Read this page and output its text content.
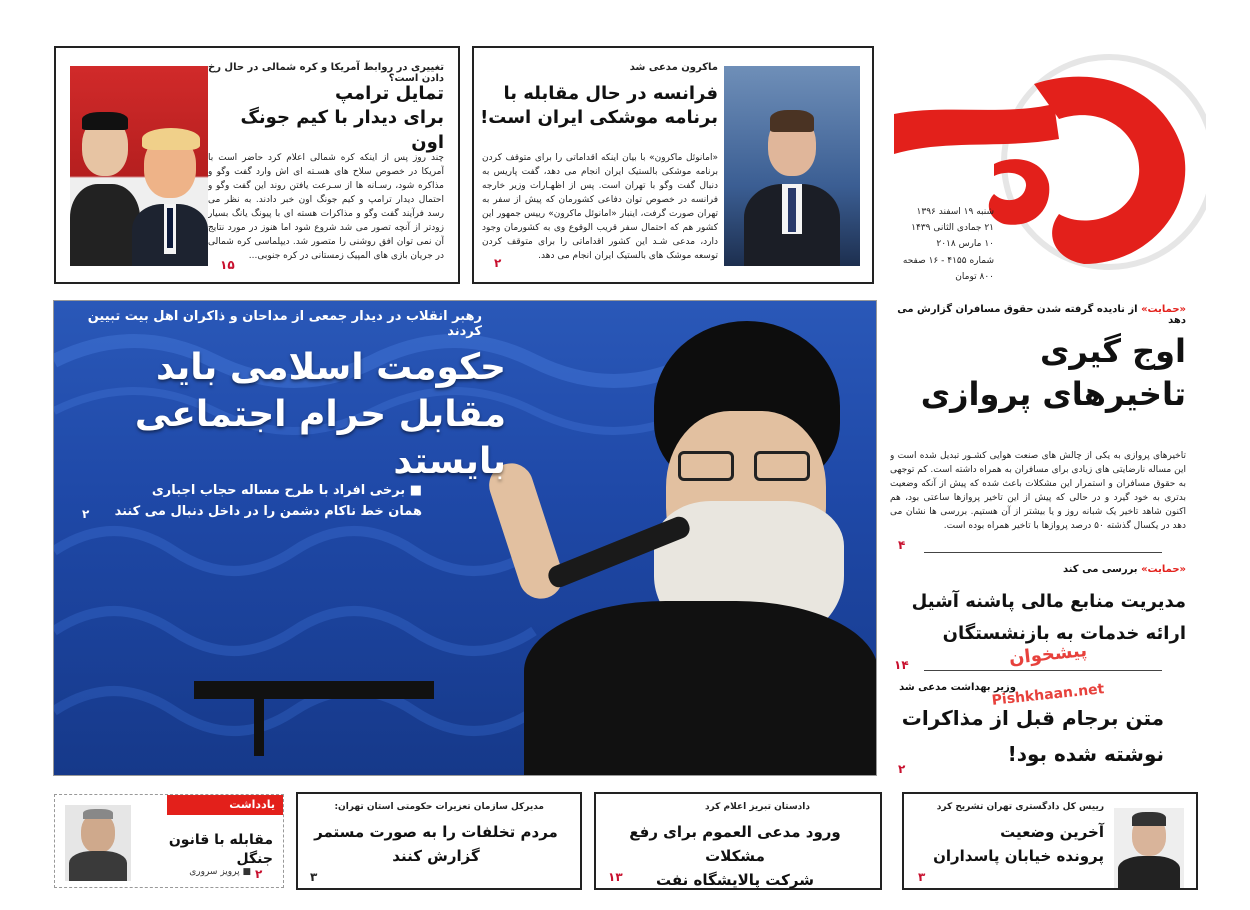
شنبه ۱۹ اسفند ۱۳۹۶
۲۱ جمادی الثانی ۱۴۳۹
۱۰ مارس ۲۰۱۸
شماره ۴۱۵۵ - ۱۶ صفحه
۸۰۰ تومان
ماکرون مدعی شد
فرانسه در حال مقابله با
برنامه موشکی ایران است!
«امانوئل ماکرون» با بیان اینکه اقداماتی را برای متوقف کردن برنامه موشکی بالستیک ایران انجام می دهد، گفت پاریس به دنبال گفت وگو با تهران است. پس از اظهـارات وزیر خارجه فرانسه در خصوص توان دفاعی کشورمان که پیش از سفر به تهران صورت گرفت، اینبار «امانوئل ماکرون» رییس جمهور این کشور هم که احتمال سفر قریب الوقوع وی به کشورمان وجود دارد، مدعی شـد این کشور اقداماتی را برای متوقف کردن توسعه موشک های بالستیک ایران انجام می دهد.
۲
تغییری در روابط آمریکا و کره شمالی در حال رخ دادن است؟
تمایل ترامپ
برای دیدار با کیم جونگ اون
چند روز پس از اینکه کره شمالی اعلام کرد حاضر است با آمریکا در خصوص سلاح های هسـته ای اش وارد گفت وگو و مذاکره شود، رسـانه ها از سـرعت یافتن روند این گفت وگو و احتمال دیدار ترامپ و کیم جونگ اون خبر دادند. به نظر می رسد فرآیند گفت وگو و مذاکرات هسته ای با پیونگ یانگ بسیار زودتر از آنچه تصور می شد شروع شود اما هنوز در مورد نتایج آن نمی توان افق روشنی را متصور شد. دیپلماسی کره شمالی در جریان بازی های المپیک زمستانی در کره جنوبی...
۱۵
رهبر انقلاب در دیدار جمعی از مداحان و ذاکران اهل بیت تبیین کردند
حکومت اسلامی باید
مقابل حرام اجتماعی بایستد
■ برخی افراد با طرح مساله حجاب اجباری
همان خط ناکام دشمن را در داخل دنبال می کنند
۲
«حمایت» از نادیده گرفته شدن حقوق مسافران گزارش می دهد
اوج گیری
تاخیرهای پروازی
تاخیرهای پروازی به یکی از چالش های صنعت هوایی کشـور تبدیل شده است و این مساله نارضایتی های زیادی برای مسافران به همراه داشته است. کم توجهی به حقوق مسافران و استمرار این مشکلات باعث شده که پیش از آنکه وضعیت بدتری به خود گیرد و در حالی که پیش از این تاخیر پروازها ساعتی بود، هم اکنون شاهد تاخیر یک شبانه روز و یا بیشتر از آن هستیم. بررسی ها نشان می دهد در یکسال گذشته ۵۰ درصد پروازها با تاخیر همراه بوده است.
۴
«حمایت» بررسی می کند
مدیریت منابع مالی پاشنه آشیل
ارائه خدمات به بازنشستگان
۱۴
وزیر بهداشت مدعی شد
متن برجام قبل از مذاکرات
نوشته شده بود!
۲
پیشخوان
Pishkhaan.net
رییس کل دادگستری تهران تشریح کرد
آخرین وضعیت
پرونده خیابان پاسداران
۳
دادستان تبریز اعلام کرد
ورود مدعی العموم برای رفع مشکلات
شرکت پالایشگاه نفت
۱۳
مدیرکل سازمان تعزیرات حکومتی استان تهران:
مردم تخلفات را به صورت مستمر
گزارش کنند
۳
یادداشت
مقابله با قانون جنگل
■ پرویز سروری ۲
